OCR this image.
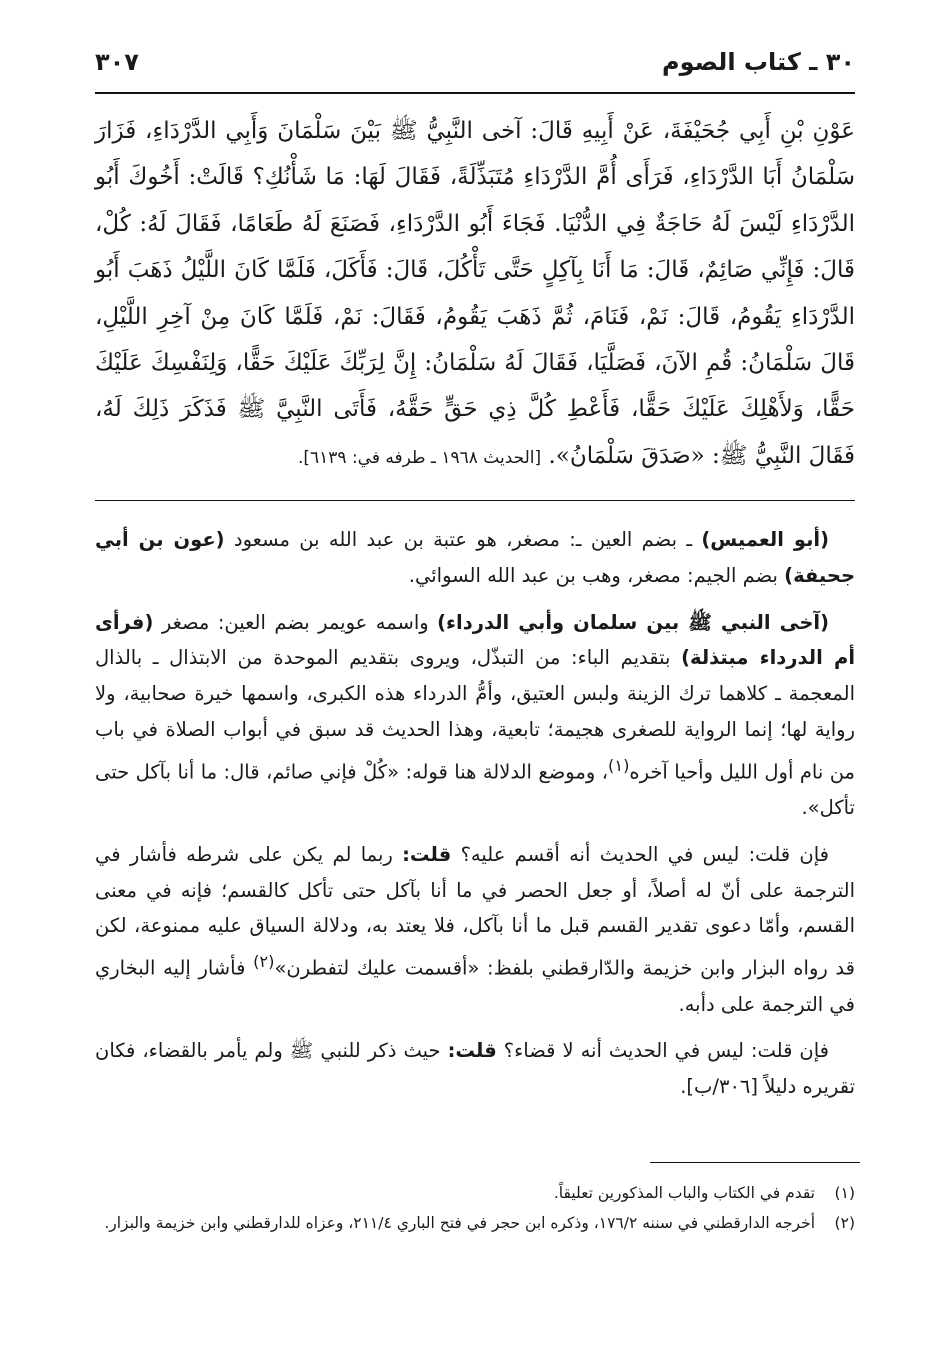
٣٠ ـ كتاب الصوم
٣٠٧
عَوْنِ بْنِ أَبِي جُحَيْفَةَ، عَنْ أَبِيهِ قَالَ: آخى النَّبِيُّ ﷺ بَيْنَ سَلْمَانَ وَأَبِي الدَّرْدَاءِ، فَزَارَ سَلْمَانُ أَبَا الدَّرْدَاءِ، فَرَأَى أُمَّ الدَّرْدَاءِ مُتَبَذِّلَةً، فَقَالَ لَهَا: مَا شَأْنُكِ؟ قَالَتْ: أَخُوكَ أَبُو الدَّرْدَاءِ لَيْسَ لَهُ حَاجَةٌ فِي الدُّنْيَا. فَجَاءَ أَبُو الدَّرْدَاءِ، فَصَنَعَ لَهُ طَعَامًا، فَقَالَ لَهُ: كُلْ، قَالَ: فَإِنِّي صَائِمٌ، قَالَ: مَا أَنَا بِآكِلٍ حَتَّى تَأْكُلَ، قَالَ: فَأَكَلَ، فَلَمَّا كَانَ اللَّيْلُ ذَهَبَ أَبُو الدَّرْدَاءِ يَقُومُ، قَالَ: نَمْ، فَنَامَ، ثُمَّ ذَهَبَ يَقُومُ، فَقَالَ: نَمْ، فَلَمَّا كَانَ مِنْ آخِرِ اللَّيْلِ، قَالَ سَلْمَانُ: قُمِ الآنَ، فَصَلَّيَا، فَقَالَ لَهُ سَلْمَانُ: إِنَّ لِرَبِّكَ عَلَيْكَ حَقًّا، وَلِنَفْسِكَ عَلَيْكَ حَقًّا، وَلأَهْلِكَ عَلَيْكَ حَقًّا، فَأَعْطِ كُلَّ ذِي حَقٍّ حَقَّهُ، فَأَتَى النَّبِيَّ ﷺ فَذَكَرَ ذَلِكَ لَهُ، فَقَالَ النَّبِيُّ ﷺ: «صَدَقَ سَلْمَانُ». [الحديث ١٩٦٨ ـ طرفه في: ٦١٣٩].

(أبو العميس) ـ بضم العين ـ: مصغر، هو عتبة بن عبد الله بن مسعود (عون بن أبي جحيفة) بضم الجيم: مصغر، وهب بن عبد الله السوائي.

(آخى النبي ﷺ بين سلمان وأبي الدرداء) واسمه عويمر بضم العين: مصغر (فرأى أم الدرداء مبتذلة) بتقديم الباء: من التبذّل، ويروى بتقديم الموحدة من الابتذال ـ بالذال المعجمة ـ كلاهما ترك الزينة ولبس العتيق، وأمُّ الدرداء هذه الكبرى، واسمها خيرة صحابية، ولا رواية لها؛ إنما الرواية للصغرى هجيمة؛ تابعية، وهذا الحديث قد سبق في أبواب الصلاة في باب من نام أول الليل وأحيا آخره$^{(١)}$، وموضع الدلالة هنا قوله: «كُلْ فإني صائم، قال: ما أنا بآكل حتى تأكل».

فإن قلت: ليس في الحديث أنه أقسم عليه؟ قلت: ربما لم يكن على شرطه فأشار في الترجمة على أنّ له أصلاً، أو جعل الحصر في ما أنا بآكل حتى تأكل كالقسم؛ فإنه في معنى القسم، وأمّا دعوى تقدير القسم قبل ما أنا بآكل، فلا يعتد به، ودلالة السياق عليه ممنوعة، لكن قد رواه البزار وابن خزيمة والدّارقطني بلفظ: «أقسمت عليك لتفطرن»$^{(٢)}$ فأشار إليه البخاري في الترجمة على دأبه.

فإن قلت: ليس في الحديث أنه لا قضاء؟ قلت: حيث ذكر للنبي ﷺ ولم يأمر بالقضاء، فكان تقريره دليلاً [٣٠٦/ب].

(١)
تقدم في الكتاب والباب المذكورين تعليقاً.
(٢)
أخرجه الدارقطني في سننه ١٧٦/٢، وذكره ابن حجر في فتح الباري ٢١١/٤، وعزاه للدارقطني وابن خزيمة والبزار.
